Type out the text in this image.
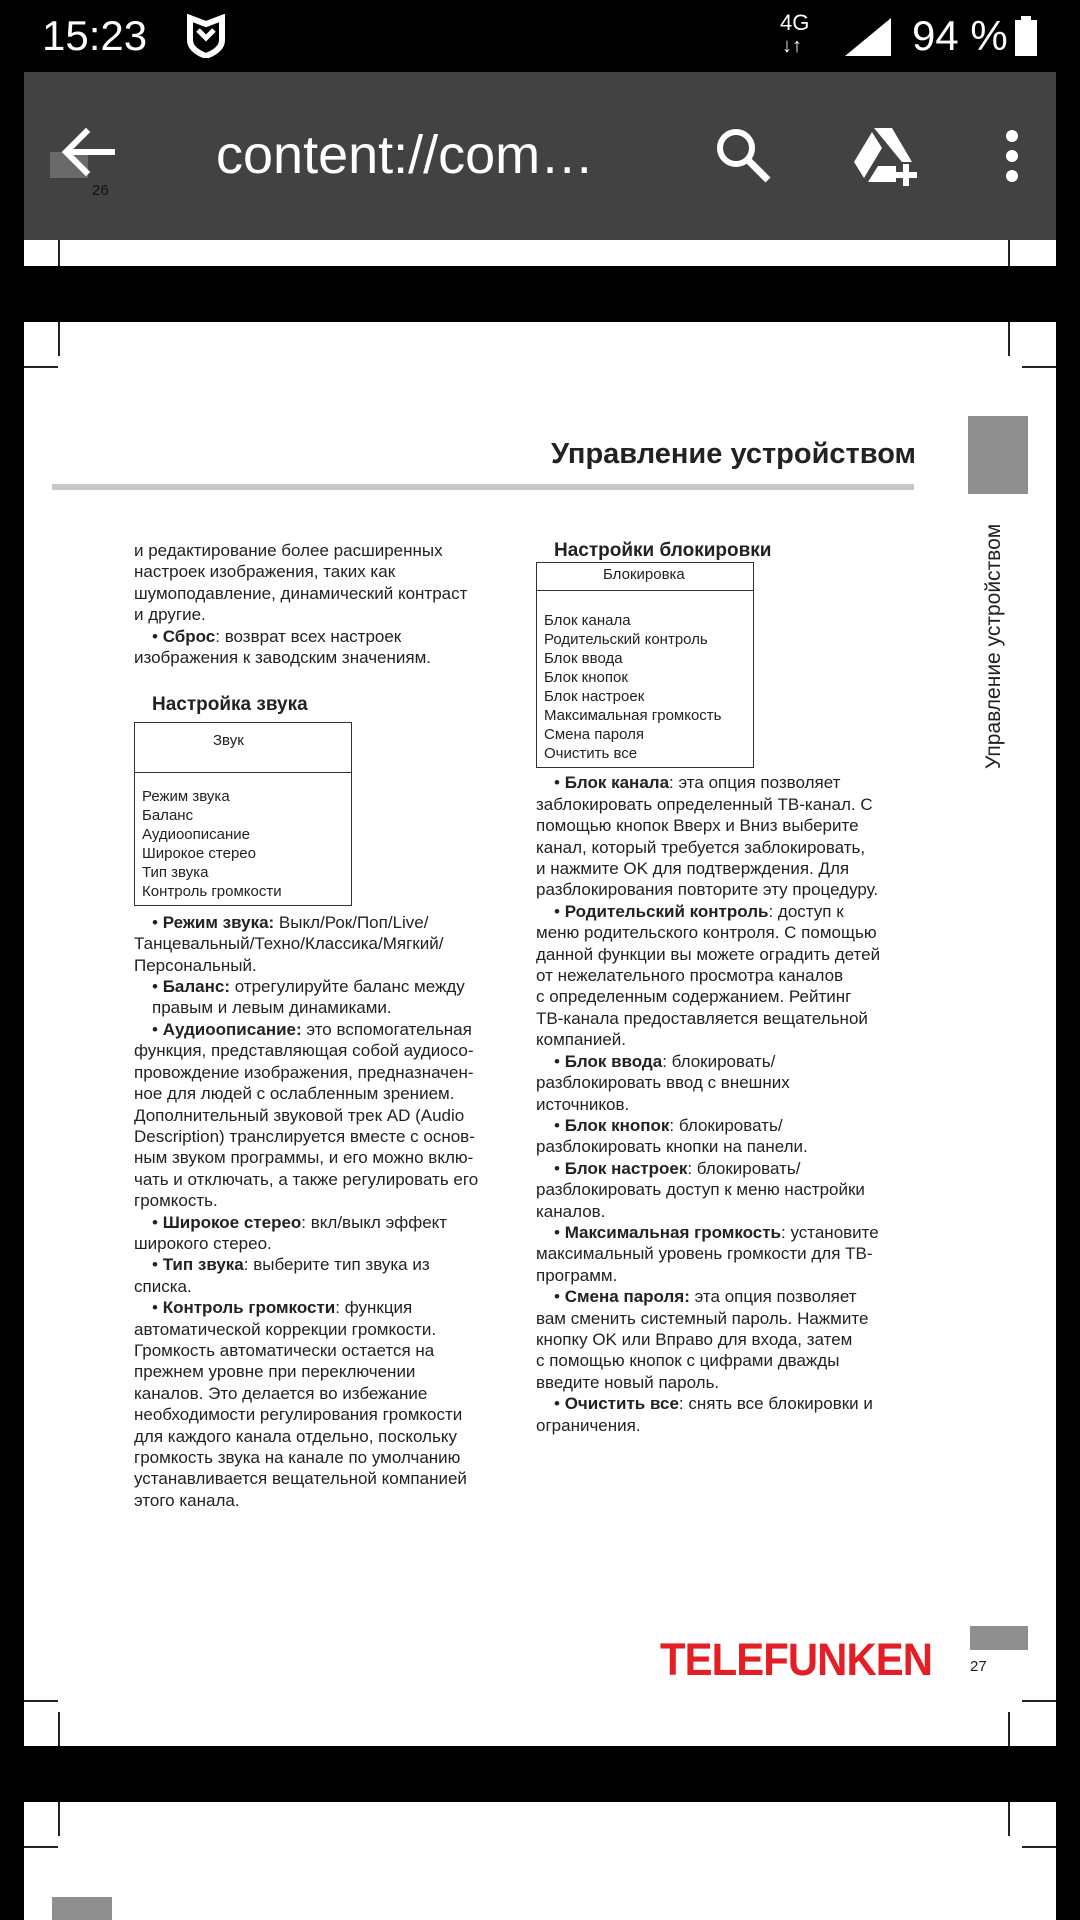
15:23	4G
↓↑	94 %
26
content://com…
Управление устройством
Управление устройством
и редактирование более расширенных
настроек изображения, таких как
шумоподавление, динамический контраст
и другие.
• Сброс: возврат всех настроек
изображения к заводским значениям.
Настройка звука
Звук
Режим звука
Баланс
Аудиоописание
Широкое стерео
Тип звука
Контроль громкости
• Режим звука: Выкл/Рок/Поп/Live/
Танцевальный/Техно/Классика/Мягкий/
Персональный.
• Баланс: отрегулируйте баланс между
правым и левым динамиками.
• Аудиоописание: это вспомогательная
функция, представляющая собой аудиосо-
провождение изображения, предназначен-
ное для людей с ослабленным зрением.
Дополнительный звуковой трек AD (Audio
Description) транслируется вместе с основ-
ным звуком программы, и его можно вклю-
чать и отключать, а также регулировать его
громкость.
• Широкое стерео: вкл/выкл эффект
широкого стерео.
• Тип звука: выберите тип звука из
списка.
• Контроль громкости: функция
автоматической коррекции громкости.
Громкость автоматически остается на
прежнем уровне при переключении
каналов. Это делается во избежание
необходимости регулирования громкости
для каждого канала отдельно, поскольку
громкость звука на канале по умолчанию
устанавливается вещательной компанией
этого канала.
Настройки блокировки
Блокировка
Блок канала
Родительский контроль
Блок ввода
Блок кнопок
Блок настроек
Максимальная громкость
Смена пароля
Очистить все
• Блок канала: эта опция позволяет
заблокировать определенный ТВ-канал. С
помощью кнопок Вверх и Вниз выберите
канал, который требуется заблокировать,
и нажмите OK для подтверждения. Для
разблокирования повторите эту процедуру.
• Родительский контроль: доступ к
меню родительского контроля. С помощью
данной функции вы можете оградить детей
от нежелательного просмотра каналов
с определенным содержанием. Рейтинг
ТВ-канала предоставляется вещательной
компанией.
• Блок ввода: блокировать/
разблокировать ввод с внешних
источников.
• Блок кнопок: блокировать/
разблокировать кнопки на панели.
• Блок настроек: блокировать/
разблокировать доступ к меню настройки
каналов.
• Максимальная громкость: установите
максимальный уровень громкости для ТВ-
программ.
• Смена пароля: эта опция позволяет
вам сменить системный пароль. Нажмите
кнопку OK или Вправо для входа, затем
с помощью кнопок с цифрами дважды
введите новый пароль.
• Очистить все: снять все блокировки и
ограничения.
TELEFUNKEN	27
